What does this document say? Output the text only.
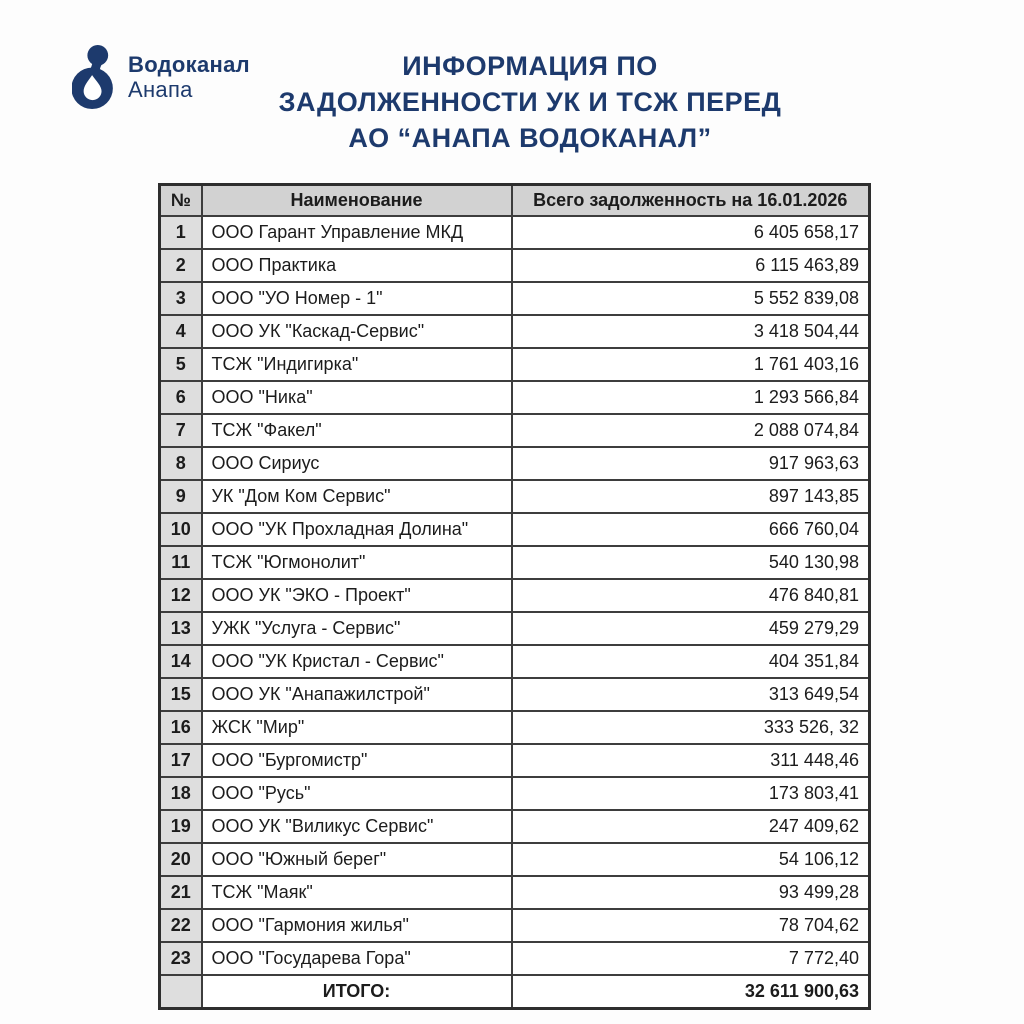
Водоканал
Анапа
ИНФОРМАЦИЯ ПО
ЗАДОЛЖЕННОСТИ УК И ТСЖ ПЕРЕД
АО “АНАПА ВОДОКАНАЛ”
№	Наименование	Всего задолженность на 16.01.2026
1	ООО Гарант Управление МКД	6 405 658,17
2	ООО Практика	6 115 463,89
3	ООО "УО Номер - 1"	5 552 839,08
4	ООО УК "Каскад-Сервис"	3 418 504,44
5	ТСЖ "Индигирка"	1 761 403,16
6	ООО "Ника"	1 293 566,84
7	ТСЖ "Факел"	2 088 074,84
8	ООО Сириус	917 963,63
9	УК "Дом Ком Сервис"	897 143,85
10	ООО "УК Прохладная Долина"	666 760,04
11	ТСЖ "Югмонолит"	540 130,98
12	ООО УК "ЭКО - Проект"	476 840,81
13	УЖК "Услуга - Сервис"	459 279,29
14	ООО "УК Кристал - Сервис"	404 351,84
15	ООО УК "Анапажилстрой"	313 649,54
16	ЖСК "Мир"	333 526, 32
17	ООО "Бургомистр"	311 448,46
18	ООО "Русь"	173 803,41
19	ООО УК "Виликус Сервис"	247 409,62
20	ООО "Южный берег"	54 106,12
21	ТСЖ "Маяк"	93 499,28
22	ООО "Гармония жилья"	78 704,62
23	ООО "Государева Гора"	7 772,40
	ИТОГО:	32 611 900,63
